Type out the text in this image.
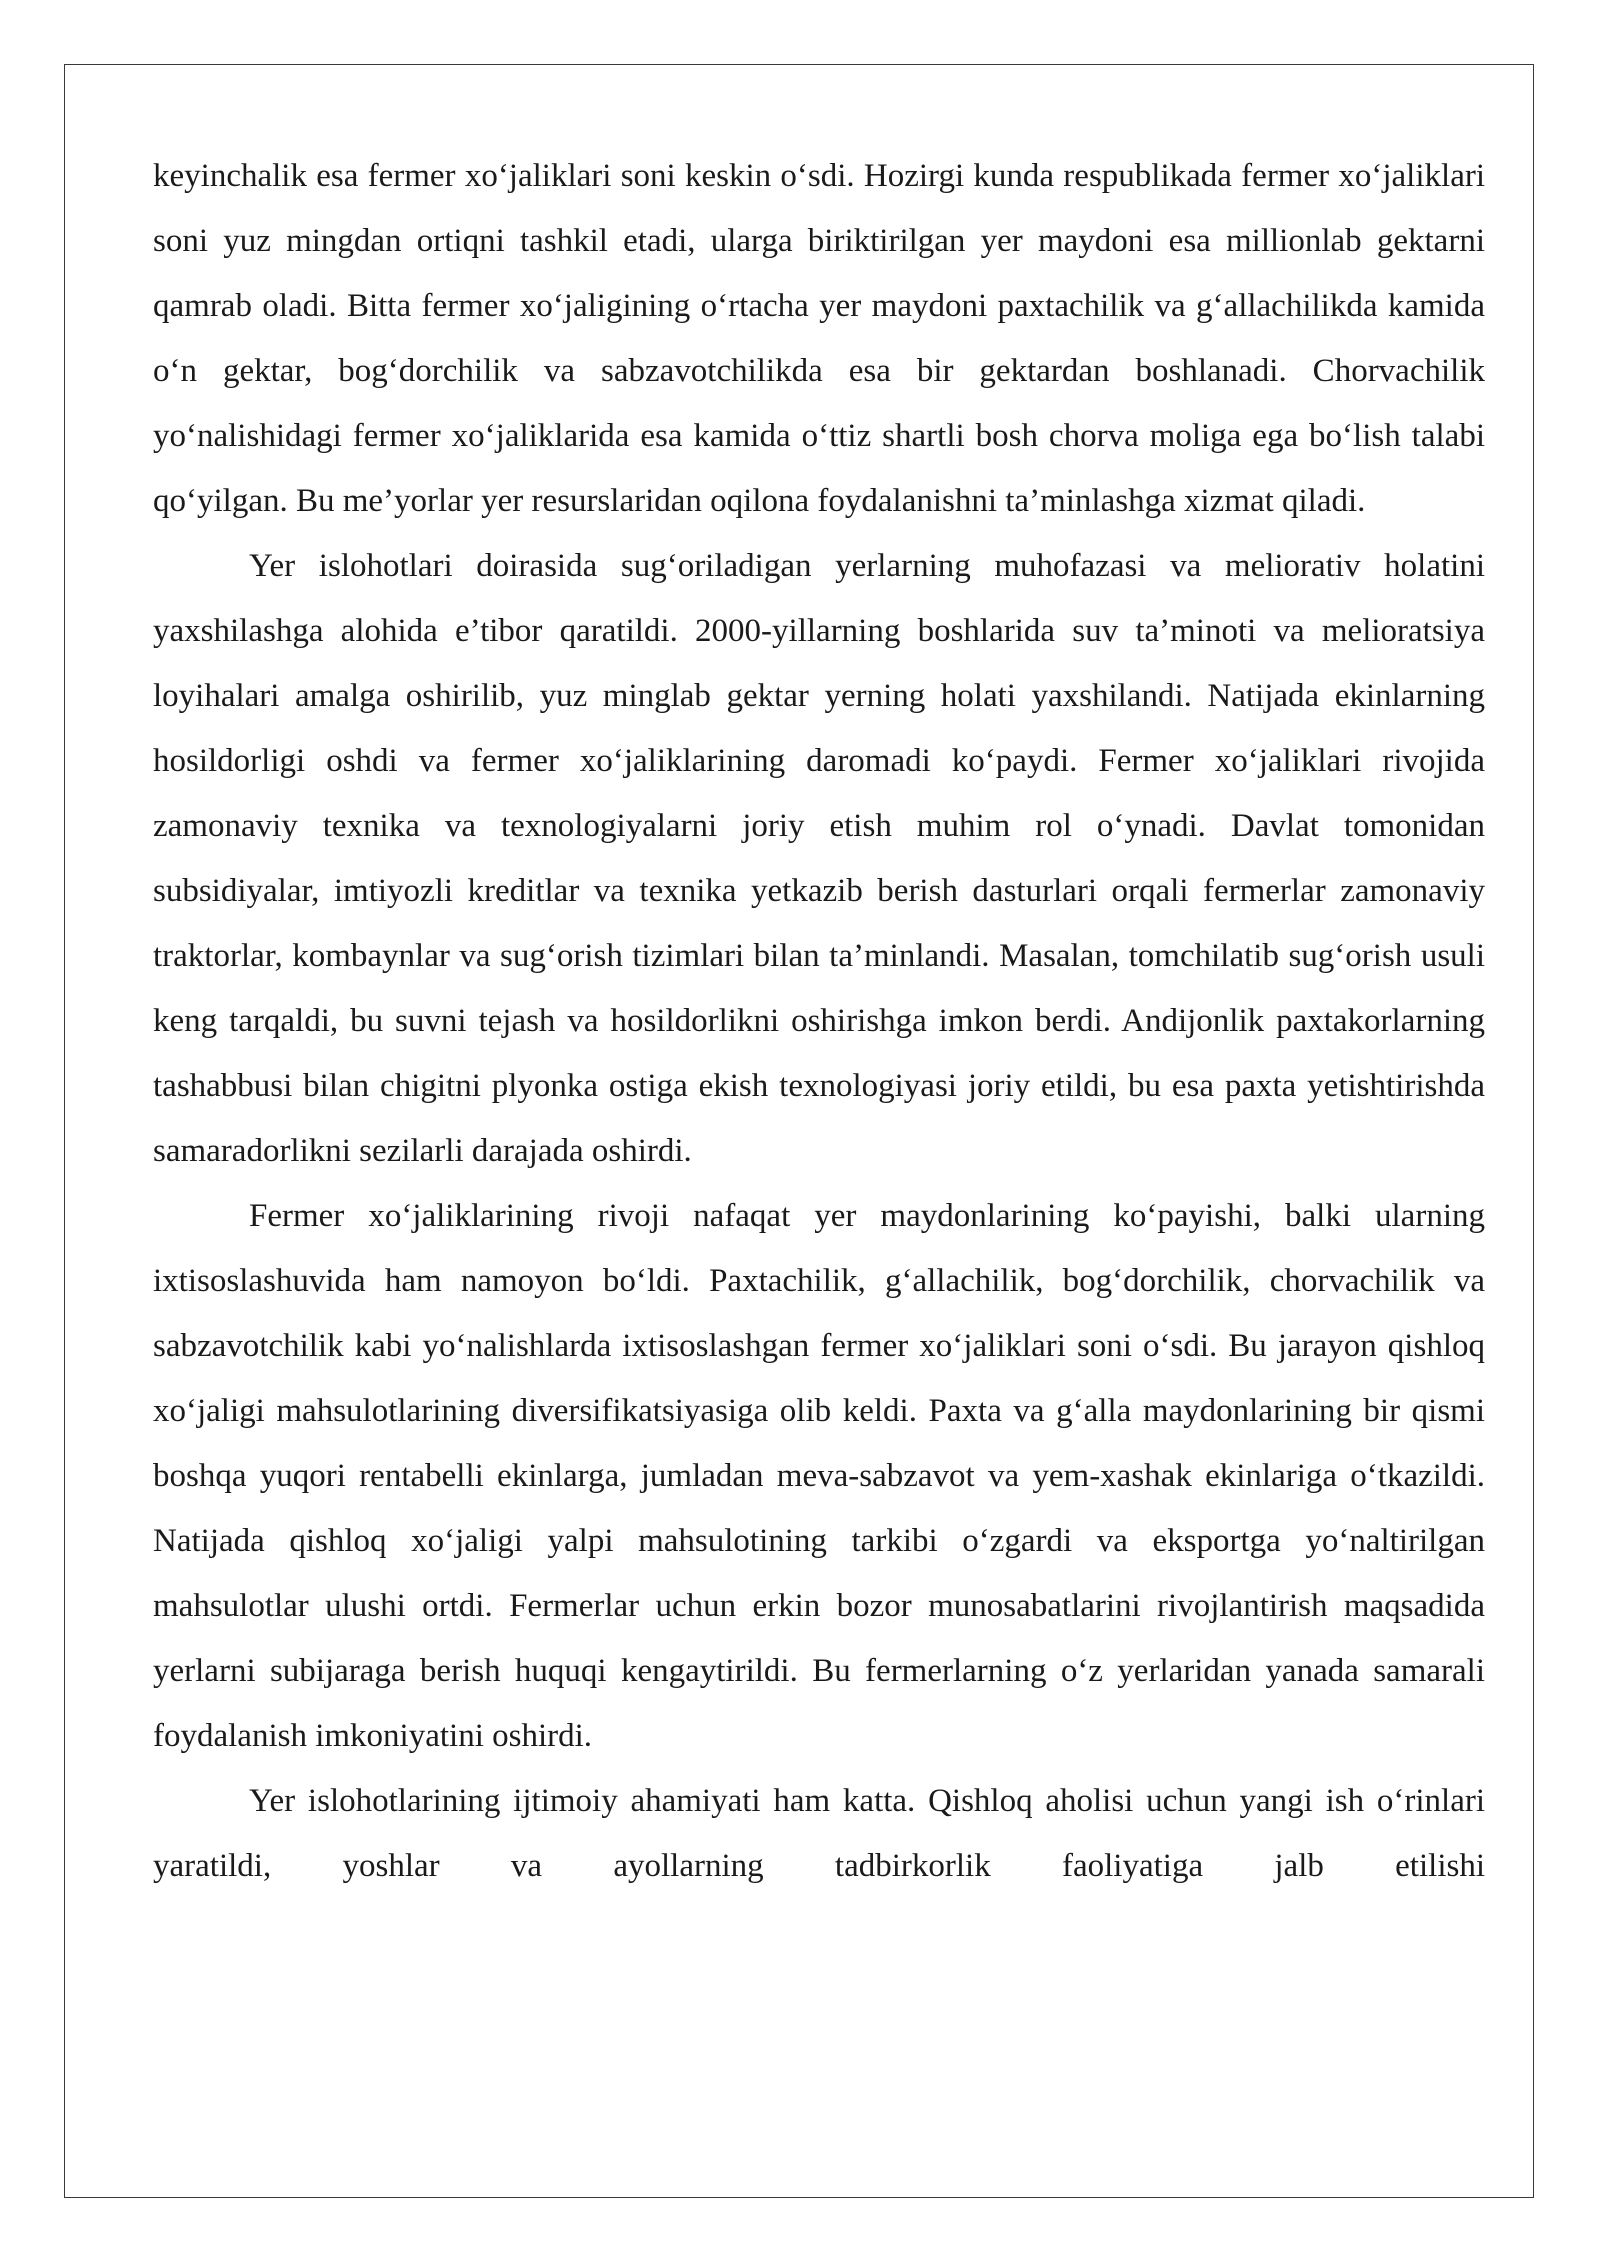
keyinchalik esa fermer xo‘jaliklari soni keskin o‘sdi. Hozirgi kunda respublikada fermer xo‘jaliklari soni yuz mingdan ortiqni tashkil etadi, ularga biriktirilgan yer maydoni esa millionlab gektarni qamrab oladi. Bitta fermer xo‘jaligining o‘rtacha yer maydoni paxtachilik va g‘allachilikda kamida o‘n gektar, bog‘dorchilik va sabzavotchilikda esa bir gektardan boshlanadi. Chorvachilik yo‘nalishidagi fermer xo‘jaliklarida esa kamida o‘ttiz shartli bosh chorva moliga ega bo‘lish talabi qo‘yilgan. Bu me’yorlar yer resurslaridan oqilona foydalanishni ta’minlashga xizmat qiladi.

Yer islohotlari doirasida sug‘oriladigan yerlarning muhofazasi va meliorativ holatini yaxshilashga alohida e’tibor qaratildi. 2000-yillarning boshlarida suv ta’minoti va melioratsiya loyihalari amalga oshirilib, yuz minglab gektar yerning holati yaxshilandi. Natijada ekinlarning hosildorligi oshdi va fermer xo‘jaliklarining daromadi ko‘paydi. Fermer xo‘jaliklari rivojida zamonaviy texnika va texnologiyalarni joriy etish muhim rol o‘ynadi. Davlat tomonidan subsidiyalar, imtiyozli kreditlar va texnika yetkazib berish dasturlari orqali fermerlar zamonaviy traktorlar, kombaynlar va sug‘orish tizimlari bilan ta’minlandi. Masalan, tomchilatib sug‘orish usuli keng tarqaldi, bu suvni tejash va hosildorlikni oshirishga imkon berdi. Andijonlik paxtakorlarning tashabbusi bilan chigitni plyonka ostiga ekish texnologiyasi joriy etildi, bu esa paxta yetishtirishda samaradorlikni sezilarli darajada oshirdi.

Fermer xo‘jaliklarining rivoji nafaqat yer maydonlarining ko‘payishi, balki ularning ixtisoslashuvida ham namoyon bo‘ldi. Paxtachilik, g‘allachilik, bog‘dorchilik, chorvachilik va sabzavotchilik kabi yo‘nalishlarda ixtisoslashgan fermer xo‘jaliklari soni o‘sdi. Bu jarayon qishloq xo‘jaligi mahsulotlarining diversifikatsiyasiga olib keldi. Paxta va g‘alla maydonlarining bir qismi boshqa yuqori rentabelli ekinlarga, jumladan meva-sabzavot va yem-xashak ekinlariga o‘tkazildi. Natijada qishloq xo‘jaligi yalpi mahsulotining tarkibi o‘zgardi va eksportga yo‘naltirilgan mahsulotlar ulushi ortdi. Fermerlar uchun erkin bozor munosabatlarini rivojlantirish maqsadida yerlarni subijaraga berish huquqi kengaytirildi. Bu fermerlarning o‘z yerlaridan yanada samarali foydalanish imkoniyatini oshirdi.

Yer islohotlarining ijtimoiy ahamiyati ham katta. Qishloq aholisi uchun yangi ish o‘rinlari yaratildi, yoshlar va ayollarning tadbirkorlik faoliyatiga jalb etilishi
